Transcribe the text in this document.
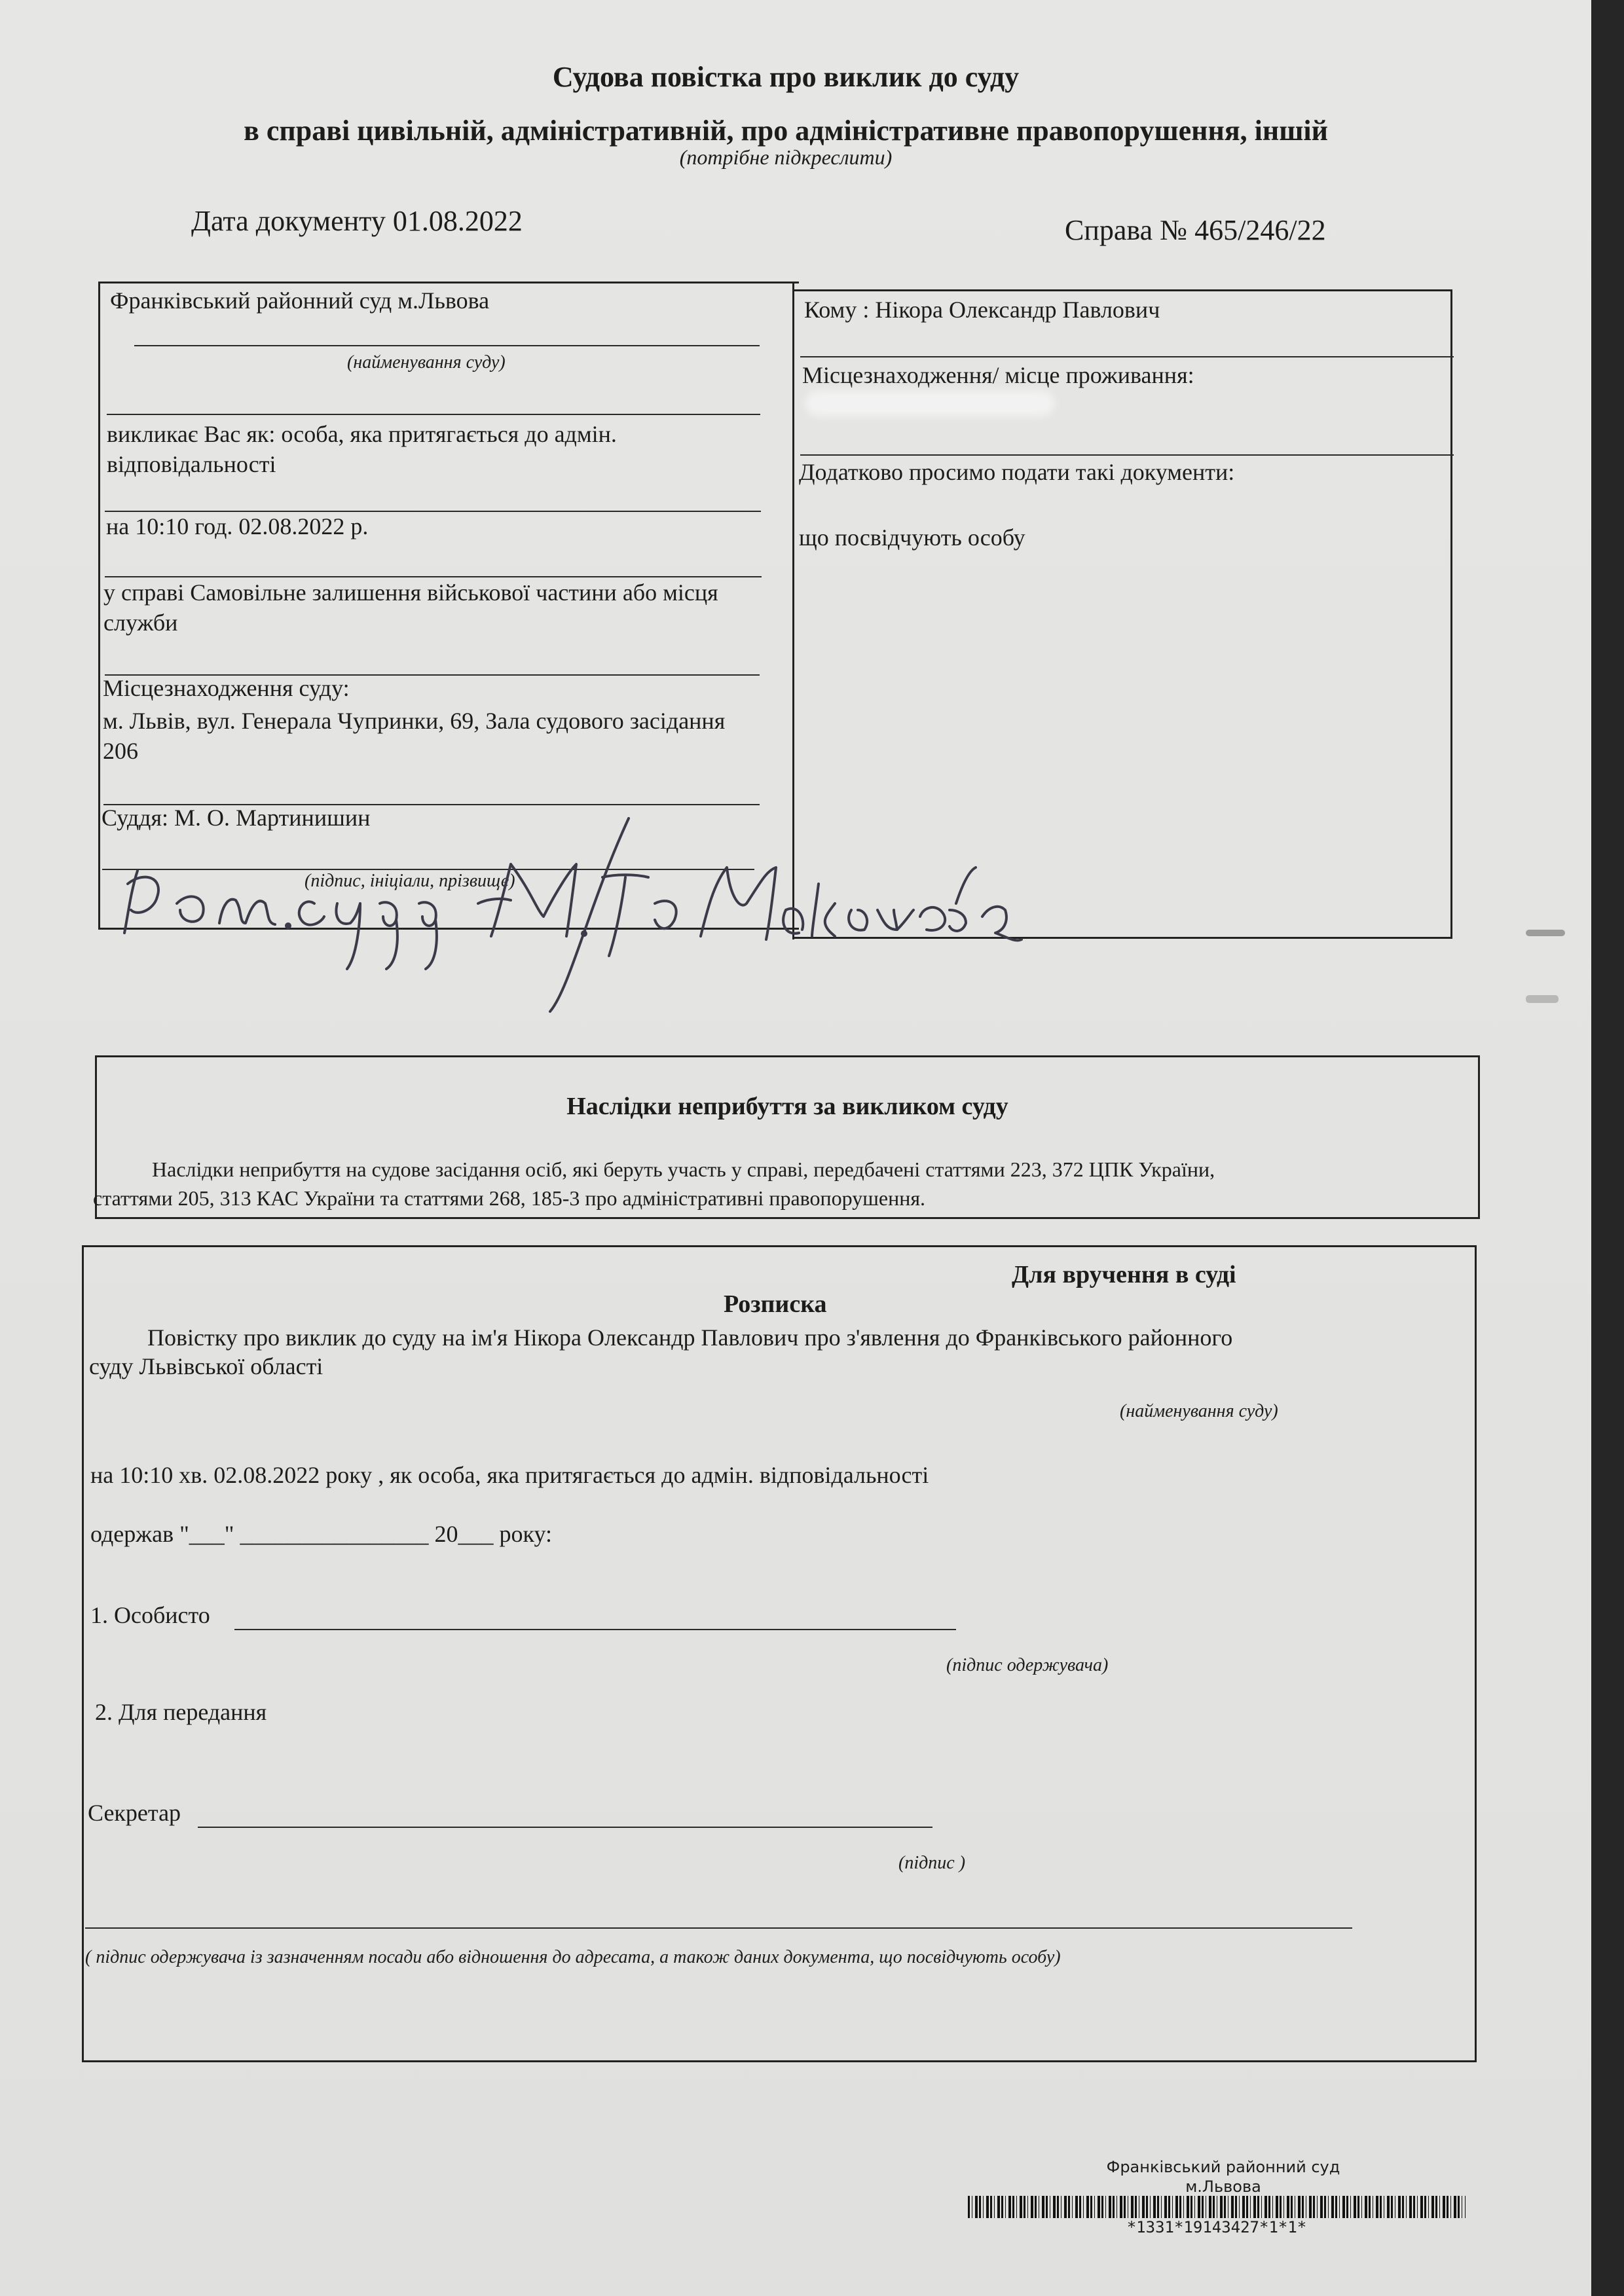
Судова повістка про виклик до суду
в справі цивільній, адміністративній, про адміністративне правопорушення, іншій
(потрібне підкреслити)
Дата документу 01.08.2022	Справа № 465/246/22
Франківський районний суд м.Львова
(найменування суду)
викликає Вас як: особа, яка притягається до адмін. відповідальності
на 10:10 год. 02.08.2022 р.
у справі Самовільне залишення військової частини або місця служби
Місцезнаходження суду:
м. Львів, вул. Генерала Чупринки, 69, Зала судового засідання 206
Суддя: М. О. Мартинишин
(підпис, ініціали, прізвище)
Кому : Нікора Олександр Павлович
Місцезнаходження/ місце проживання:
Додатково просимо подати такі документи:
що посвідчують особу
Наслідки неприбуття за викликом суду
Наслідки неприбуття на судове засідання осіб, які беруть участь у справі, передбачені статтями 223, 372 ЦПК України,
статтями 205, 313 КАС України та статтями 268, 185-3 про адміністративні правопорушення.
Для вручення в суді
Розписка
Повістку про виклик до суду на ім'я Нікора Олександр Павлович про з'явлення до Франківського районного
суду Львівської області
(найменування суду)
на 10:10 хв. 02.08.2022 року , як особа, яка притягається до адмін. відповідальності
одержав "___" ________________ 20___ року:
1. Особисто
(підпис одержувача)
2. Для передання
Секретар
(підпис )
( підпис одержувача із зазначенням посади або відношення до адресата, а також даних документа, що посвідчують особу)
Франківський районний суд
м.Львова
*1331*19143427*1*1*
